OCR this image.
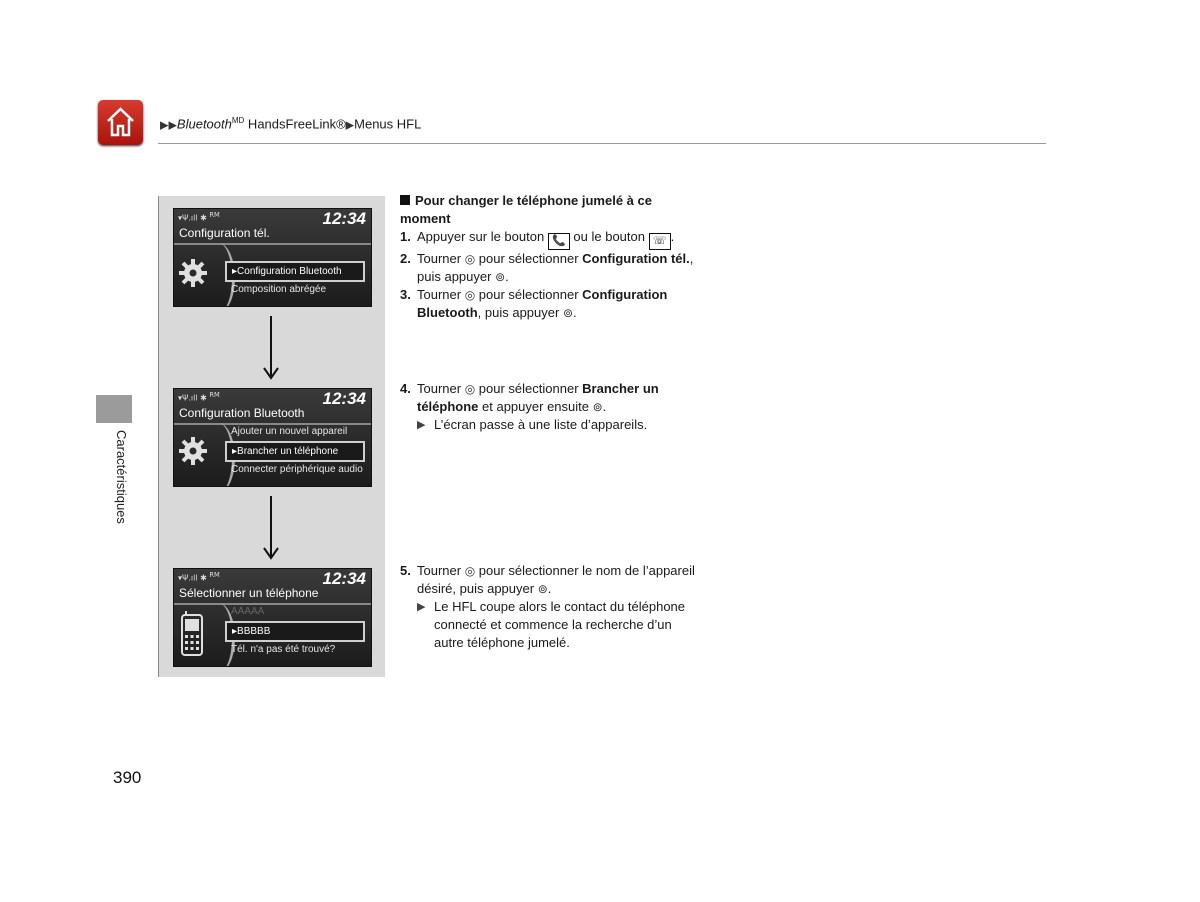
▶▶Bluetooth$^{MD}$ HandsFreeLink®▶Menus HFL
Caractéristiques
▾Ψ.ıll ✱ $^{RM}$	12:34
Configuration tél.
▸Configuration Bluetooth
Composition abrégée
▾Ψ.ıll ✱ $^{RM}$	12:34
Configuration Bluetooth
Ajouter un nouvel appareil
▸Brancher un téléphone
Connecter périphérique audio
▾Ψ.ıll ✱ $^{RM}$	12:34
Sélectionner un téléphone
AAAAA
▸BBBBB
Tél. n'a pas été trouvé?
Pour changer le téléphone jumelé à ce moment
1. Appuyer sur le bouton 📞 ou le bouton ☏ .
2. Tourner ◎ pour sélectionner Configuration tél., puis appuyer ⊚.
3. Tourner ◎ pour sélectionner Configuration Bluetooth, puis appuyer ⊚.
4. Tourner ◎ pour sélectionner Brancher un téléphone et appuyer ensuite ⊚.
▶ L’écran passe à une liste d’appareils.
5. Tourner ◎ pour sélectionner le nom de l’appareil désiré, puis appuyer ⊚.
▶ Le HFL coupe alors le contact du téléphone connecté et commence la recherche d’un autre téléphone jumelé.
390
